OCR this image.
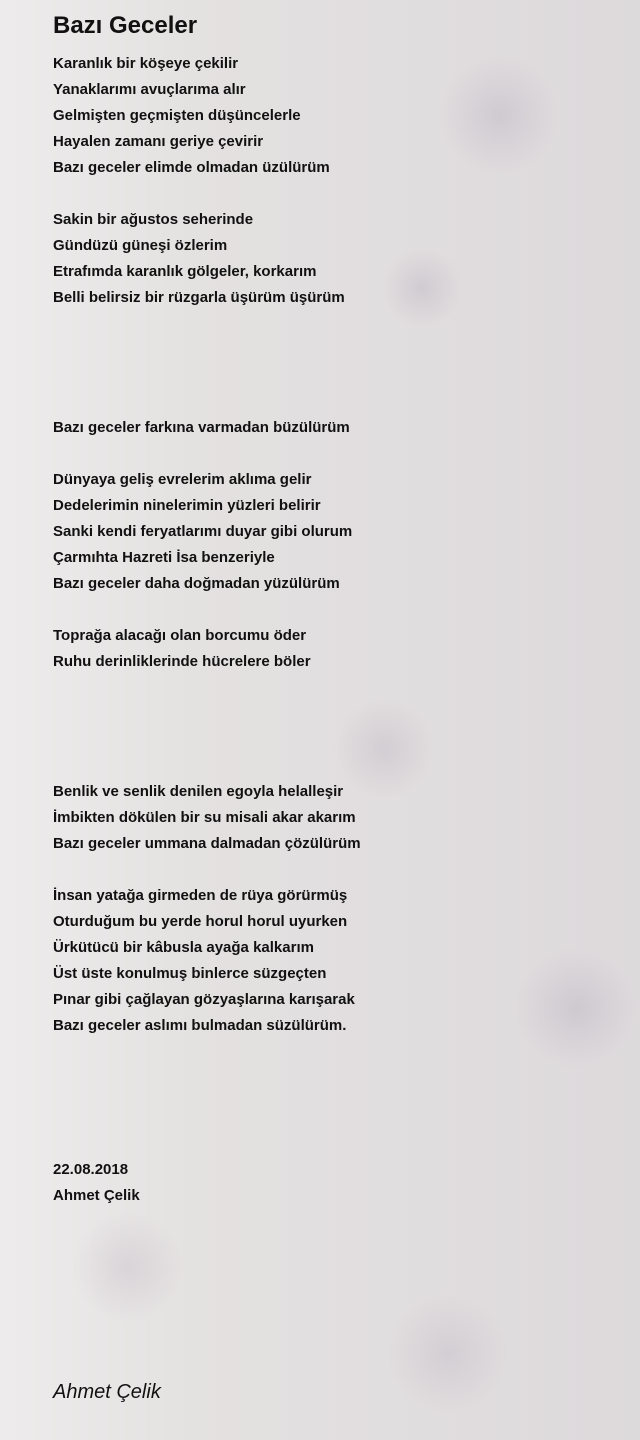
Bazı Geceler
Karanlık bir köşeye çekilir
Yanaklarımı avuçlarıma alır
Gelmişten geçmişten düşüncelerle
Hayalen zamanı geriye çevirir
Bazı geceler elimde olmadan üzülürüm
Sakin bir ağustos seherinde
Gündüzü güneşi özlerim
Etrafımda karanlık gölgeler, korkarım
Belli belirsiz bir rüzgarla üşürüm üşürüm
Bazı geceler farkına varmadan büzülürüm
Dünyaya geliş evrelerim aklıma gelir
Dedelerimin ninelerimin yüzleri belirir
Sanki kendi feryatlarımı duyar gibi olurum
Çarmıhta Hazreti İsa benzeriyle
Bazı geceler daha doğmadan yüzülürüm
Toprağa alacağı olan borcumu öder
Ruhu derinliklerinde hücrelere böler
Benlik ve senlik denilen egoyla helalleşir
İmbikten dökülen bir su misali akar akarım
Bazı geceler ummana dalmadan çözülürüm
İnsan yatağa girmeden de rüya görürmüş
Oturduğum bu yerde horul horul uyurken
Ürkütücü bir kâbusla ayağa kalkarım
Üst üste konulmuş binlerce süzgeçten
Pınar gibi çağlayan gözyaşlarına karışarak
Bazı geceler aslımı bulmadan süzülürüm.
22.08.2018
Ahmet Çelik
Ahmet Çelik
